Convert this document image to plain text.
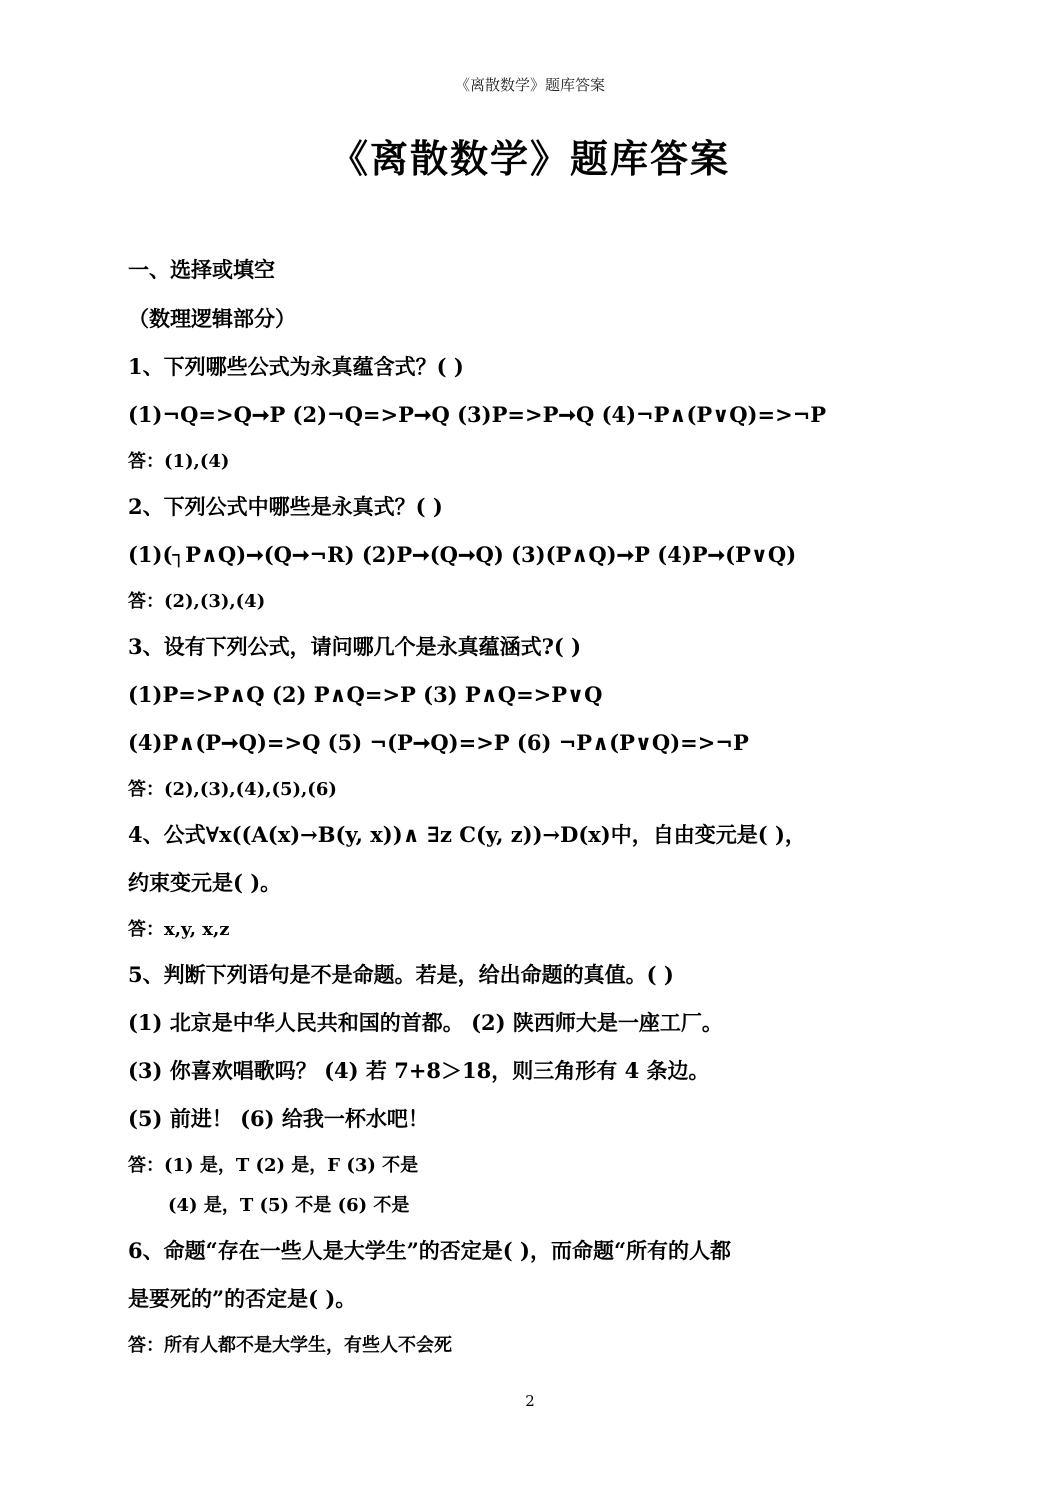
《离散数学》题库答案
《离散数学》题库答案
一、选择或填空
（数理逻辑部分）
1、下列哪些公式为永真蕴含式？( )
(1)¬Q=>Q➞P (2)¬Q=>P➞Q (3)P=>P➞Q (4)¬P∧(P∨Q)=>¬P
答：(1),(4)
2、下列公式中哪些是永真式？( )
(1)(┐P∧Q)➞(Q➞¬R) (2)P➞(Q➞Q) (3)(P∧Q)➞P (4)P➞(P∨Q)
答：(2),(3),(4)
3、设有下列公式，请问哪几个是永真蕴涵式?( )
(1)P=>P∧Q (2) P∧Q=>P (3) P∧Q=>P∨Q
(4)P∧(P➞Q)=>Q (5) ¬(P➞Q)=>P (6) ¬P∧(P∨Q)=>¬P
答：(2),(3),(4),(5),(6)
4、公式∀x((A(x)→B(y, x))∧ ∃z C(y, z))→D(x)中，自由变元是( )，
约束变元是( )。
答：x,y, x,z
5、判断下列语句是不是命题。若是，给出命题的真值。( )
(1) 北京是中华人民共和国的首都。 (2) 陕西师大是一座工厂。
(3) 你喜欢唱歌吗？ (4) 若 7+8＞18，则三角形有 4 条边。
(5) 前进！ (6) 给我一杯水吧！
答：(1) 是，T (2) 是，F (3) 不是
(4) 是，T (5) 不是 (6) 不是
6、命题“存在一些人是大学生”的否定是( )，而命题“所有的人都
是要死的”的否定是( )。
答：所有人都不是大学生，有些人不会死
2
